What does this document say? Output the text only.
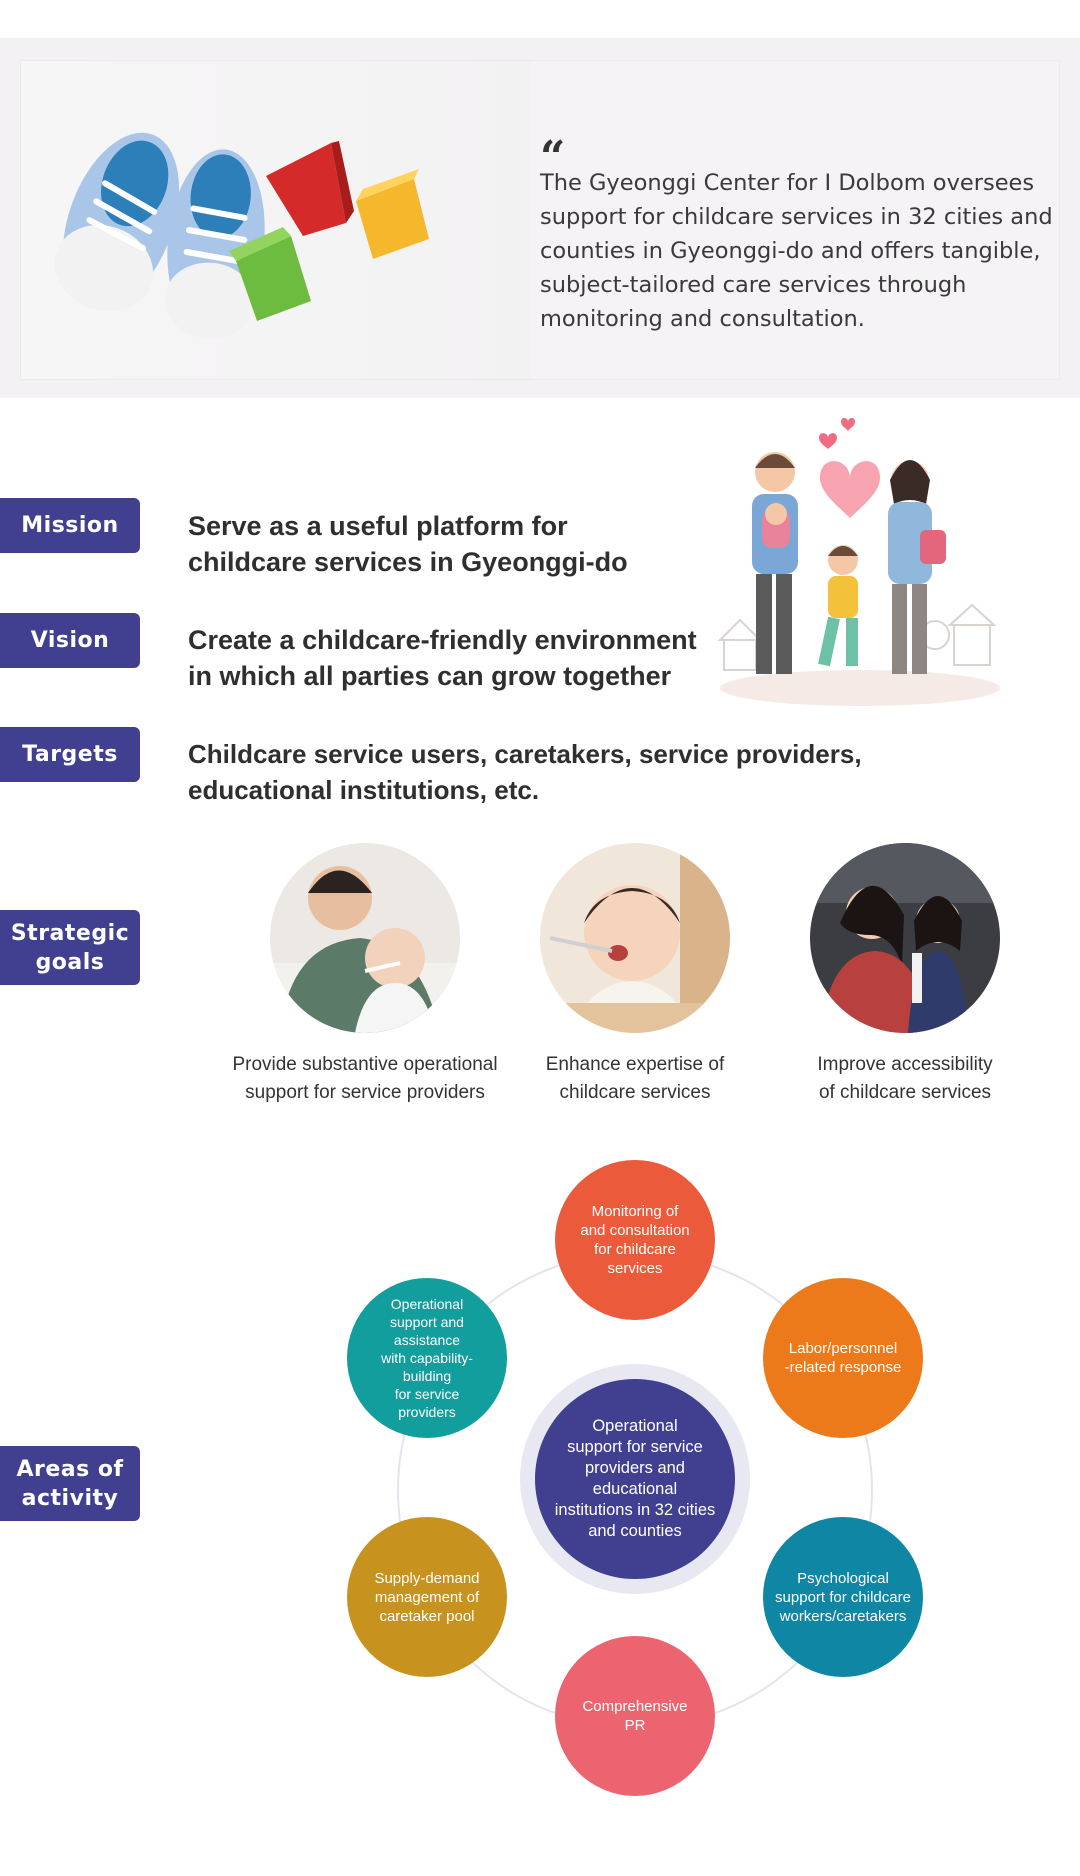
“

The Gyeonggi Center for I Dolbom oversees support for childcare services in 32 cities and counties in Gyeonggi-do and offers tangible, subject-tailored care services through monitoring and consultation.

Mission	Serve as a useful platform for
childcare services in Gyeonggi-do
Vision	Create a childcare-friendly environment
in which all parties can grow together
Targets	Childcare service users, caretakers, service providers,
educational institutions, etc.
Strategic
goals
Provide substantive operational
support for service providers
Enhance expertise of
childcare services
Improve accessibility
of childcare services
Areas of
activity
Operational
support for service
providers and educational
institutions in 32 cities
and counties
Monitoring of
and consultation
for childcare
services
Labor/personnel
-related response
Psychological
support for childcare
workers/caretakers
Comprehensive
PR
Supply-demand
management of
caretaker pool
Operational
support and assistance
with capability-building
for service
providers
